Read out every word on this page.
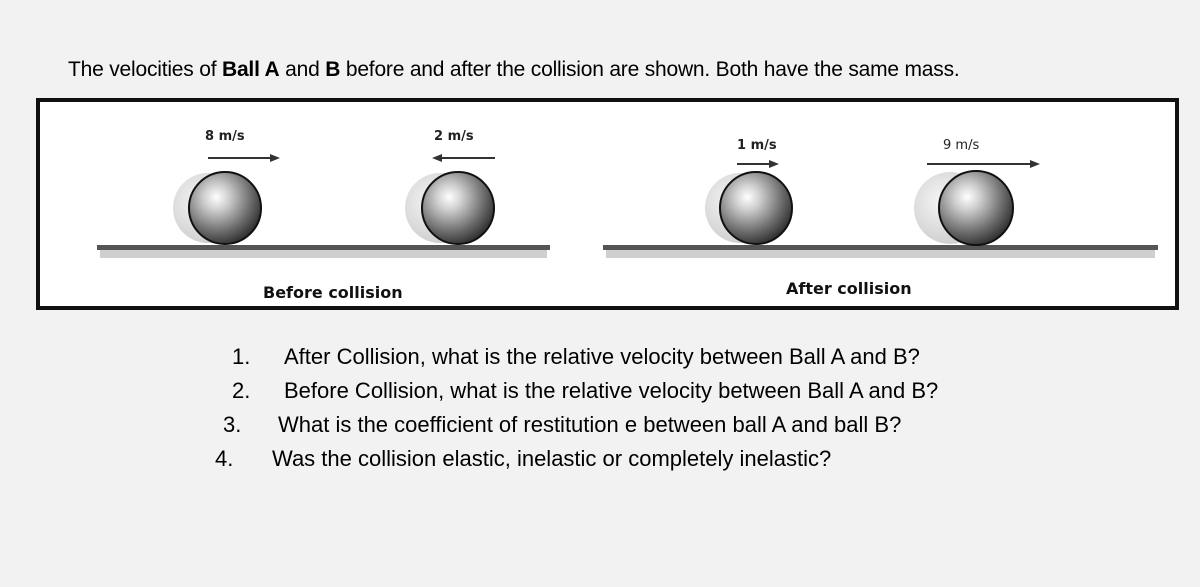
The velocities of Ball A and B before and after the collision are shown. Both have the same mass.
8 m/s	2 m/s
1 m/s	9 m/s
Before collision	After collision
1. After Collision, what is the relative velocity between Ball A and B?
2. Before Collision, what is the relative velocity between Ball A and B?
3. What is the coefficient of restitution e between ball A and ball B?
4. Was the collision elastic, inelastic or completely inelastic?
